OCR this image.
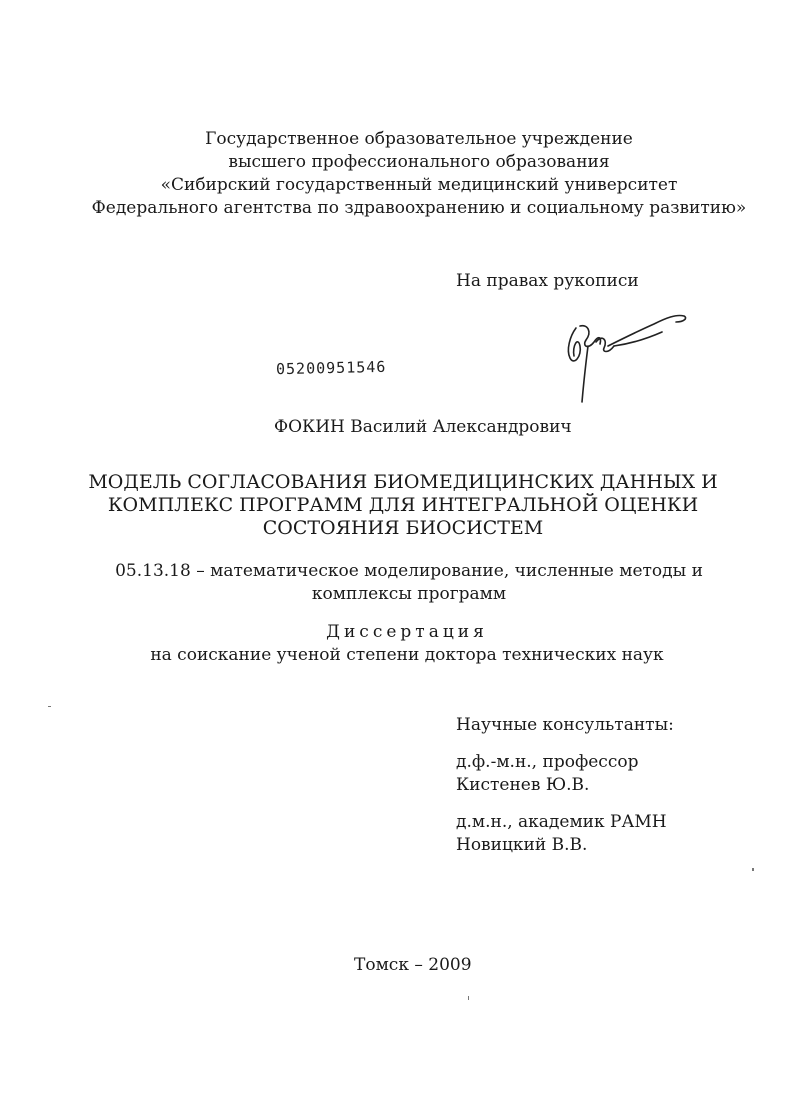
Государственное образовательное учреждение
высшего профессионального образования
«Сибирский государственный медицинский университет
Федерального агентства по здравоохранению и социальному развитию»
На правах рукописи
05200951546
ФОКИН Василий Александрович
МОДЕЛЬ СОГЛАСОВАНИЯ БИОМЕДИЦИНСКИХ ДАННЫХ И
КОМПЛЕКС ПРОГРАММ ДЛЯ ИНТЕГРАЛЬНОЙ ОЦЕНКИ
СОСТОЯНИЯ БИОСИСТЕМ
05.13.18 – математическое моделирование, численные методы и
комплексы программ
Диссертация
на соискание ученой степени доктора технических наук
Научные консультанты:
д.ф.-м.н., профессор
Кистенев Ю.В.
д.м.н., академик РАМН
Новицкий В.В.
Томск – 2009
